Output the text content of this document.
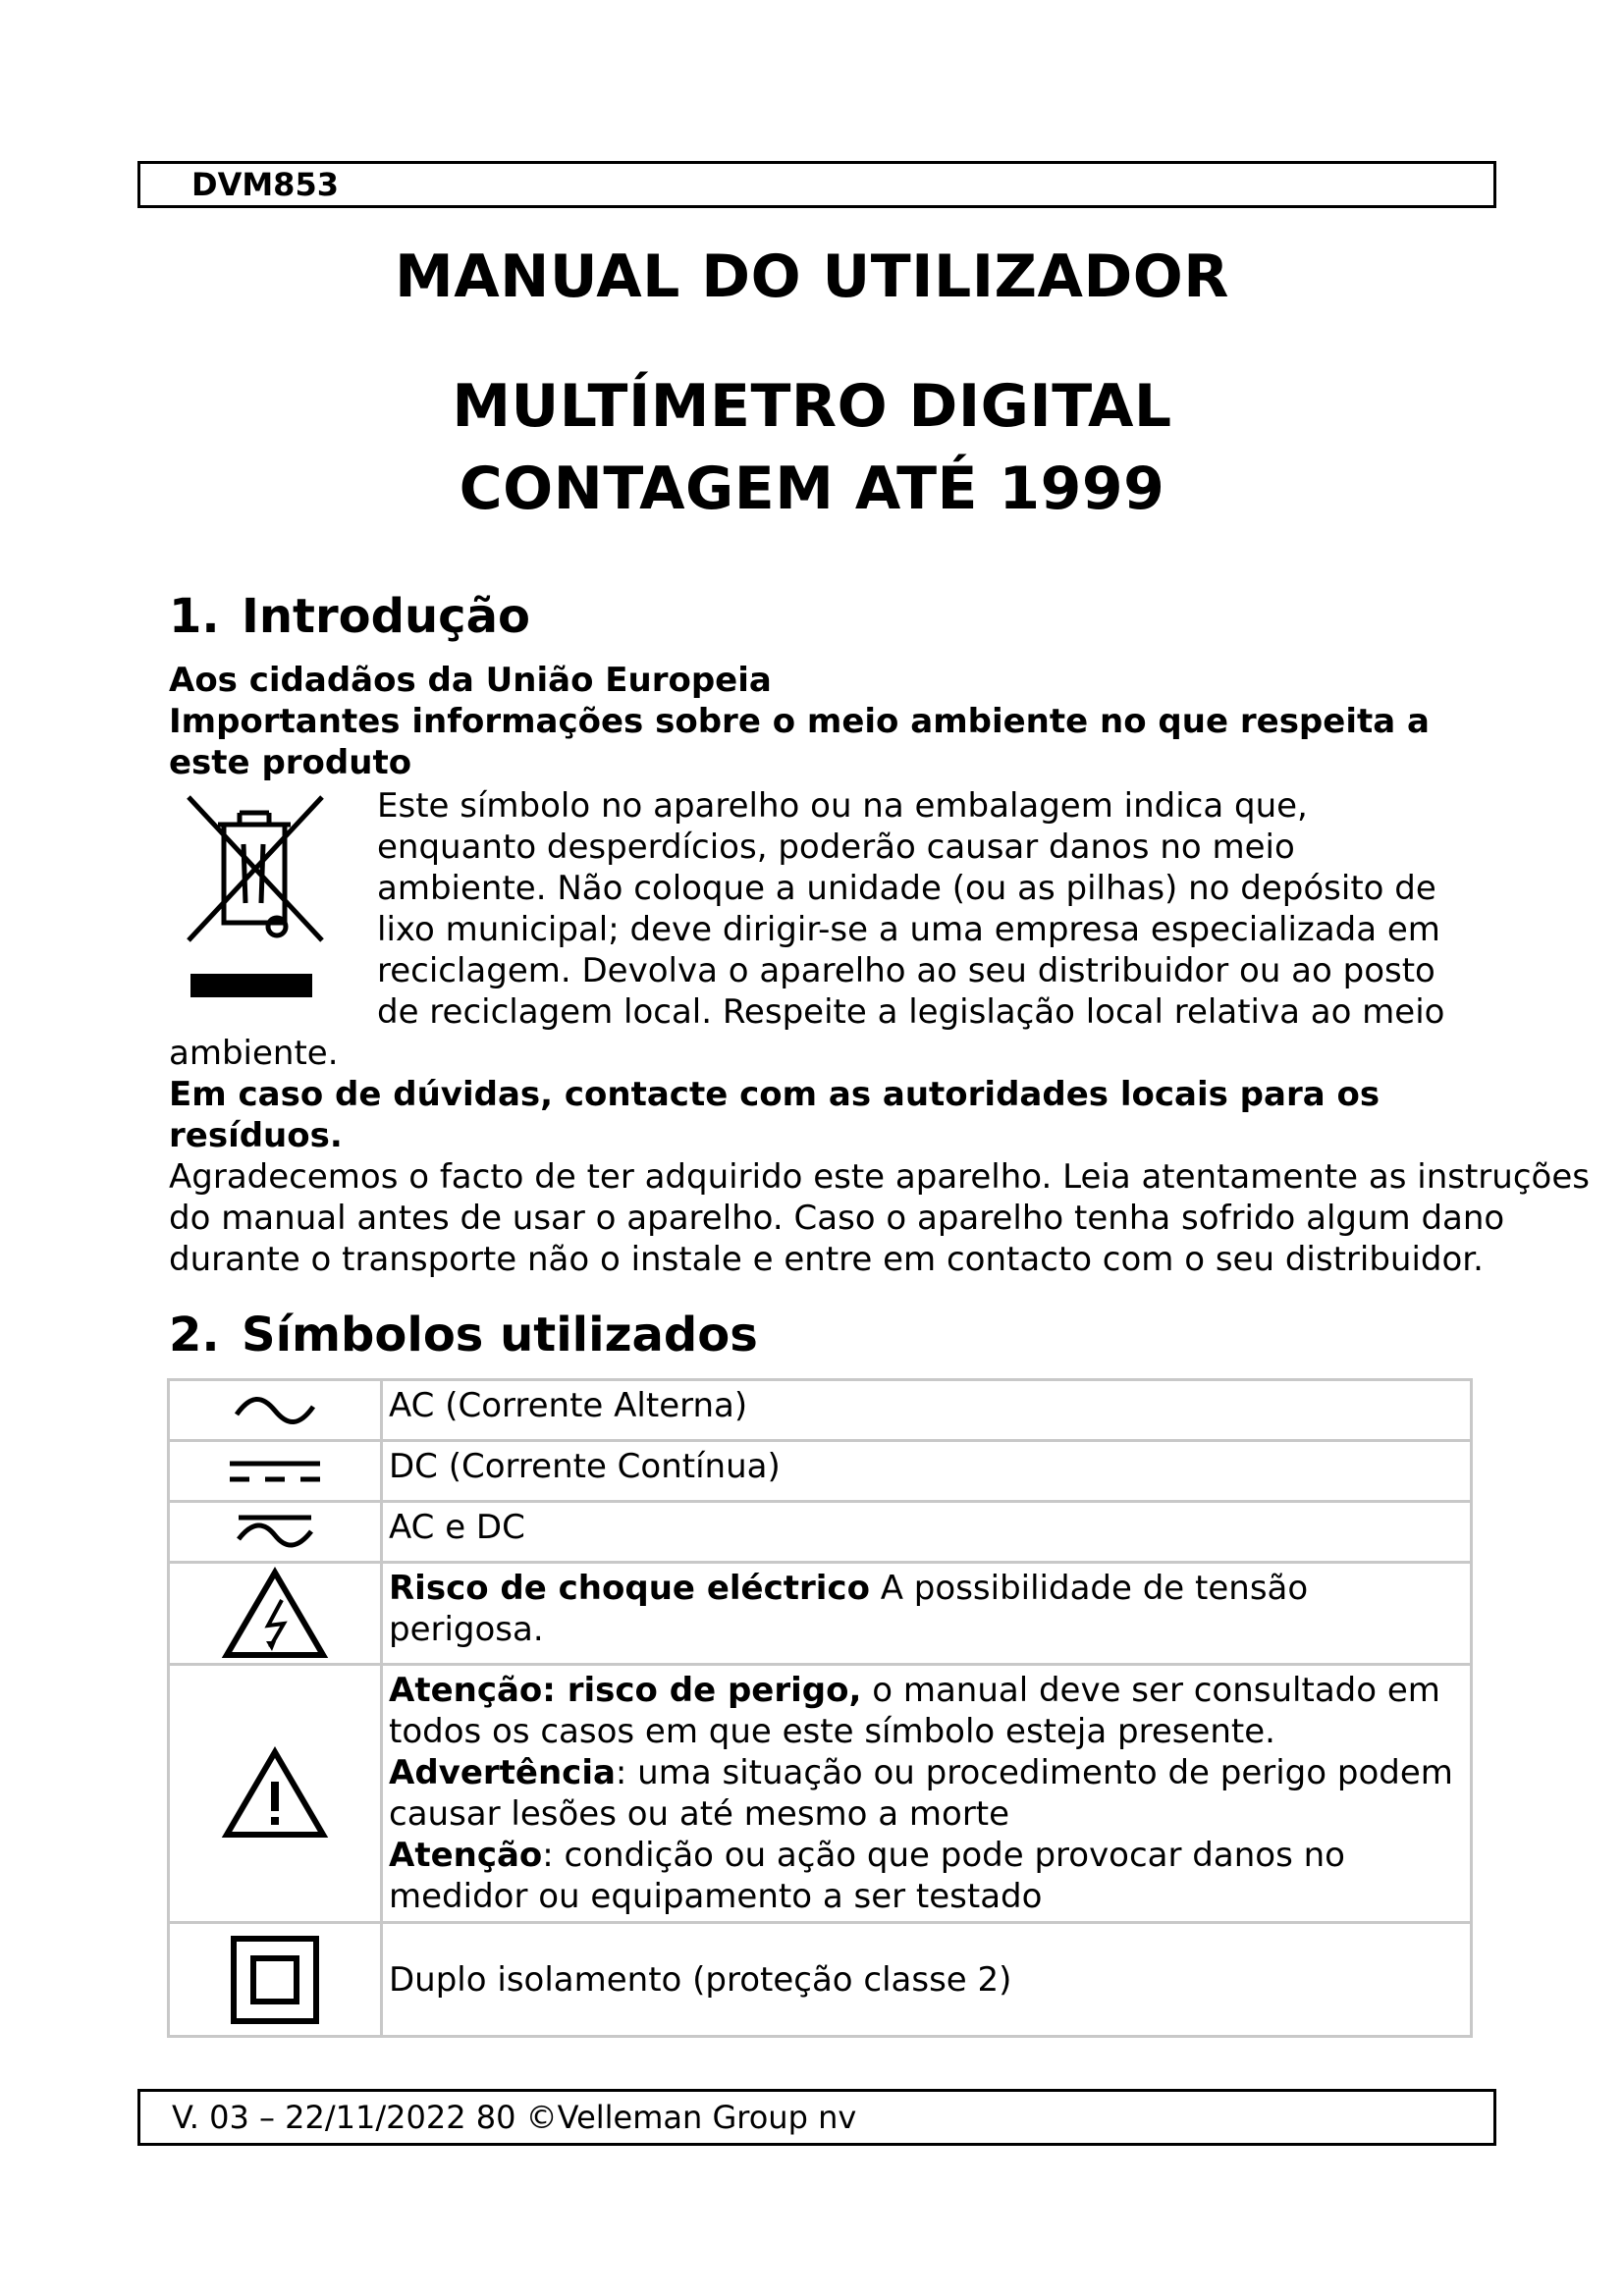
DVM853
MANUAL DO UTILIZADOR
MULTÍMETRO DIGITAL
CONTAGEM ATÉ 1999
1. Introdução
Aos cidadãos da União Europeia
Importantes informações sobre o meio ambiente no que respeita a este produto
Este símbolo no aparelho ou na embalagem indica que,
enquanto desperdícios, poderão causar danos no meio
ambiente. Não coloque a unidade (ou as pilhas) no depósito de
lixo municipal; deve dirigir-se a uma empresa especializada em
reciclagem. Devolva o aparelho ao seu distribuidor ou ao posto
de reciclagem local. Respeite a legislação local relativa ao meio
ambiente.
Em caso de dúvidas, contacte com as autoridades locais para os resíduos.
Agradecemos o facto de ter adquirido este aparelho. Leia atentamente as instruções
do manual antes de usar o aparelho. Caso o aparelho tenha sofrido algum dano
durante o transporte não o instale e entre em contacto com o seu distribuidor.
2. Símbolos utilizados
	AC (Corrente Alterna)

	DC (Corrente Contínua)

	AC e DC

	Risco de choque eléctrico A possibilidade de tensão perigosa.

	Atenção: risco de perigo, o manual deve ser consultado em todos os casos em que este símbolo esteja presente.
Advertência: uma situação ou procedimento de perigo podem causar lesões ou até mesmo a morte
Atenção: condição ou ação que pode provocar danos no medidor ou equipamento a ser testado

	Duplo isolamento (proteção classe 2)
V. 03 – 22/11/2022 80 ©Velleman Group nv
